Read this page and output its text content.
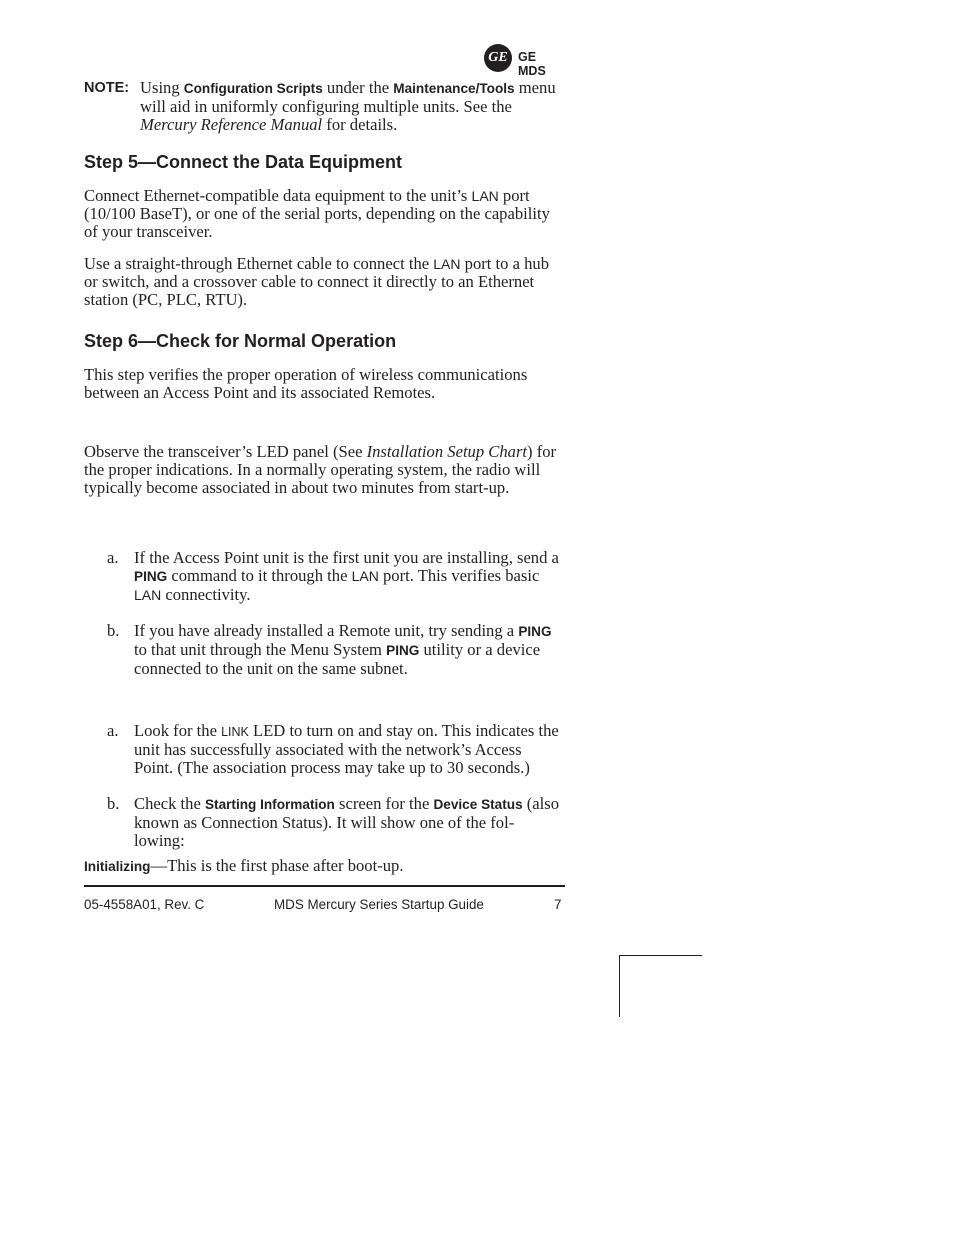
GE GE MDS
NOTE: Using Configuration Scripts under the Maintenance/Tools menu will aid in uniformly configuring multiple units. See the Mercury Reference Manual for details.

Step 5—Connect the Data Equipment

Connect Ethernet-compatible data equipment to the unit’s LAN port (10/100 BaseT), or one of the serial ports, depending on the capability of your transceiver.

Use a straight-through Ethernet cable to connect the LAN port to a hub or switch, and a crossover cable to connect it directly to an Ethernet station (PC, PLC, RTU).

Step 6—Check for Normal Operation

This step verifies the proper operation of wireless communications between an Access Point and its associated Remotes.

Observe the transceiver’s LED panel (See Installation Setup Chart) for the proper indications. In a normally operating system, the radio will typically become associated in about two minutes from start-up.

a. If the Access Point unit is the first unit you are installing, send a PING command to it through the LAN port. This verifies basic LAN connectivity.

b. If you have already installed a Remote unit, try sending a PING to that unit through the Menu System PING utility or a device connected to the unit on the same subnet.

a. Look for the LINK LED to turn on and stay on. This indicates the unit has successfully associated with the network’s Access Point. (The association process may take up to 30 seconds.)

b. Check the Starting Information screen for the Device Status (also known as Connection Status). It will show one of the fol-lowing:

Initializing—This is the first phase after boot-up.

05-4558A01, Rev. C	MDS Mercury Series Startup Guide	7
